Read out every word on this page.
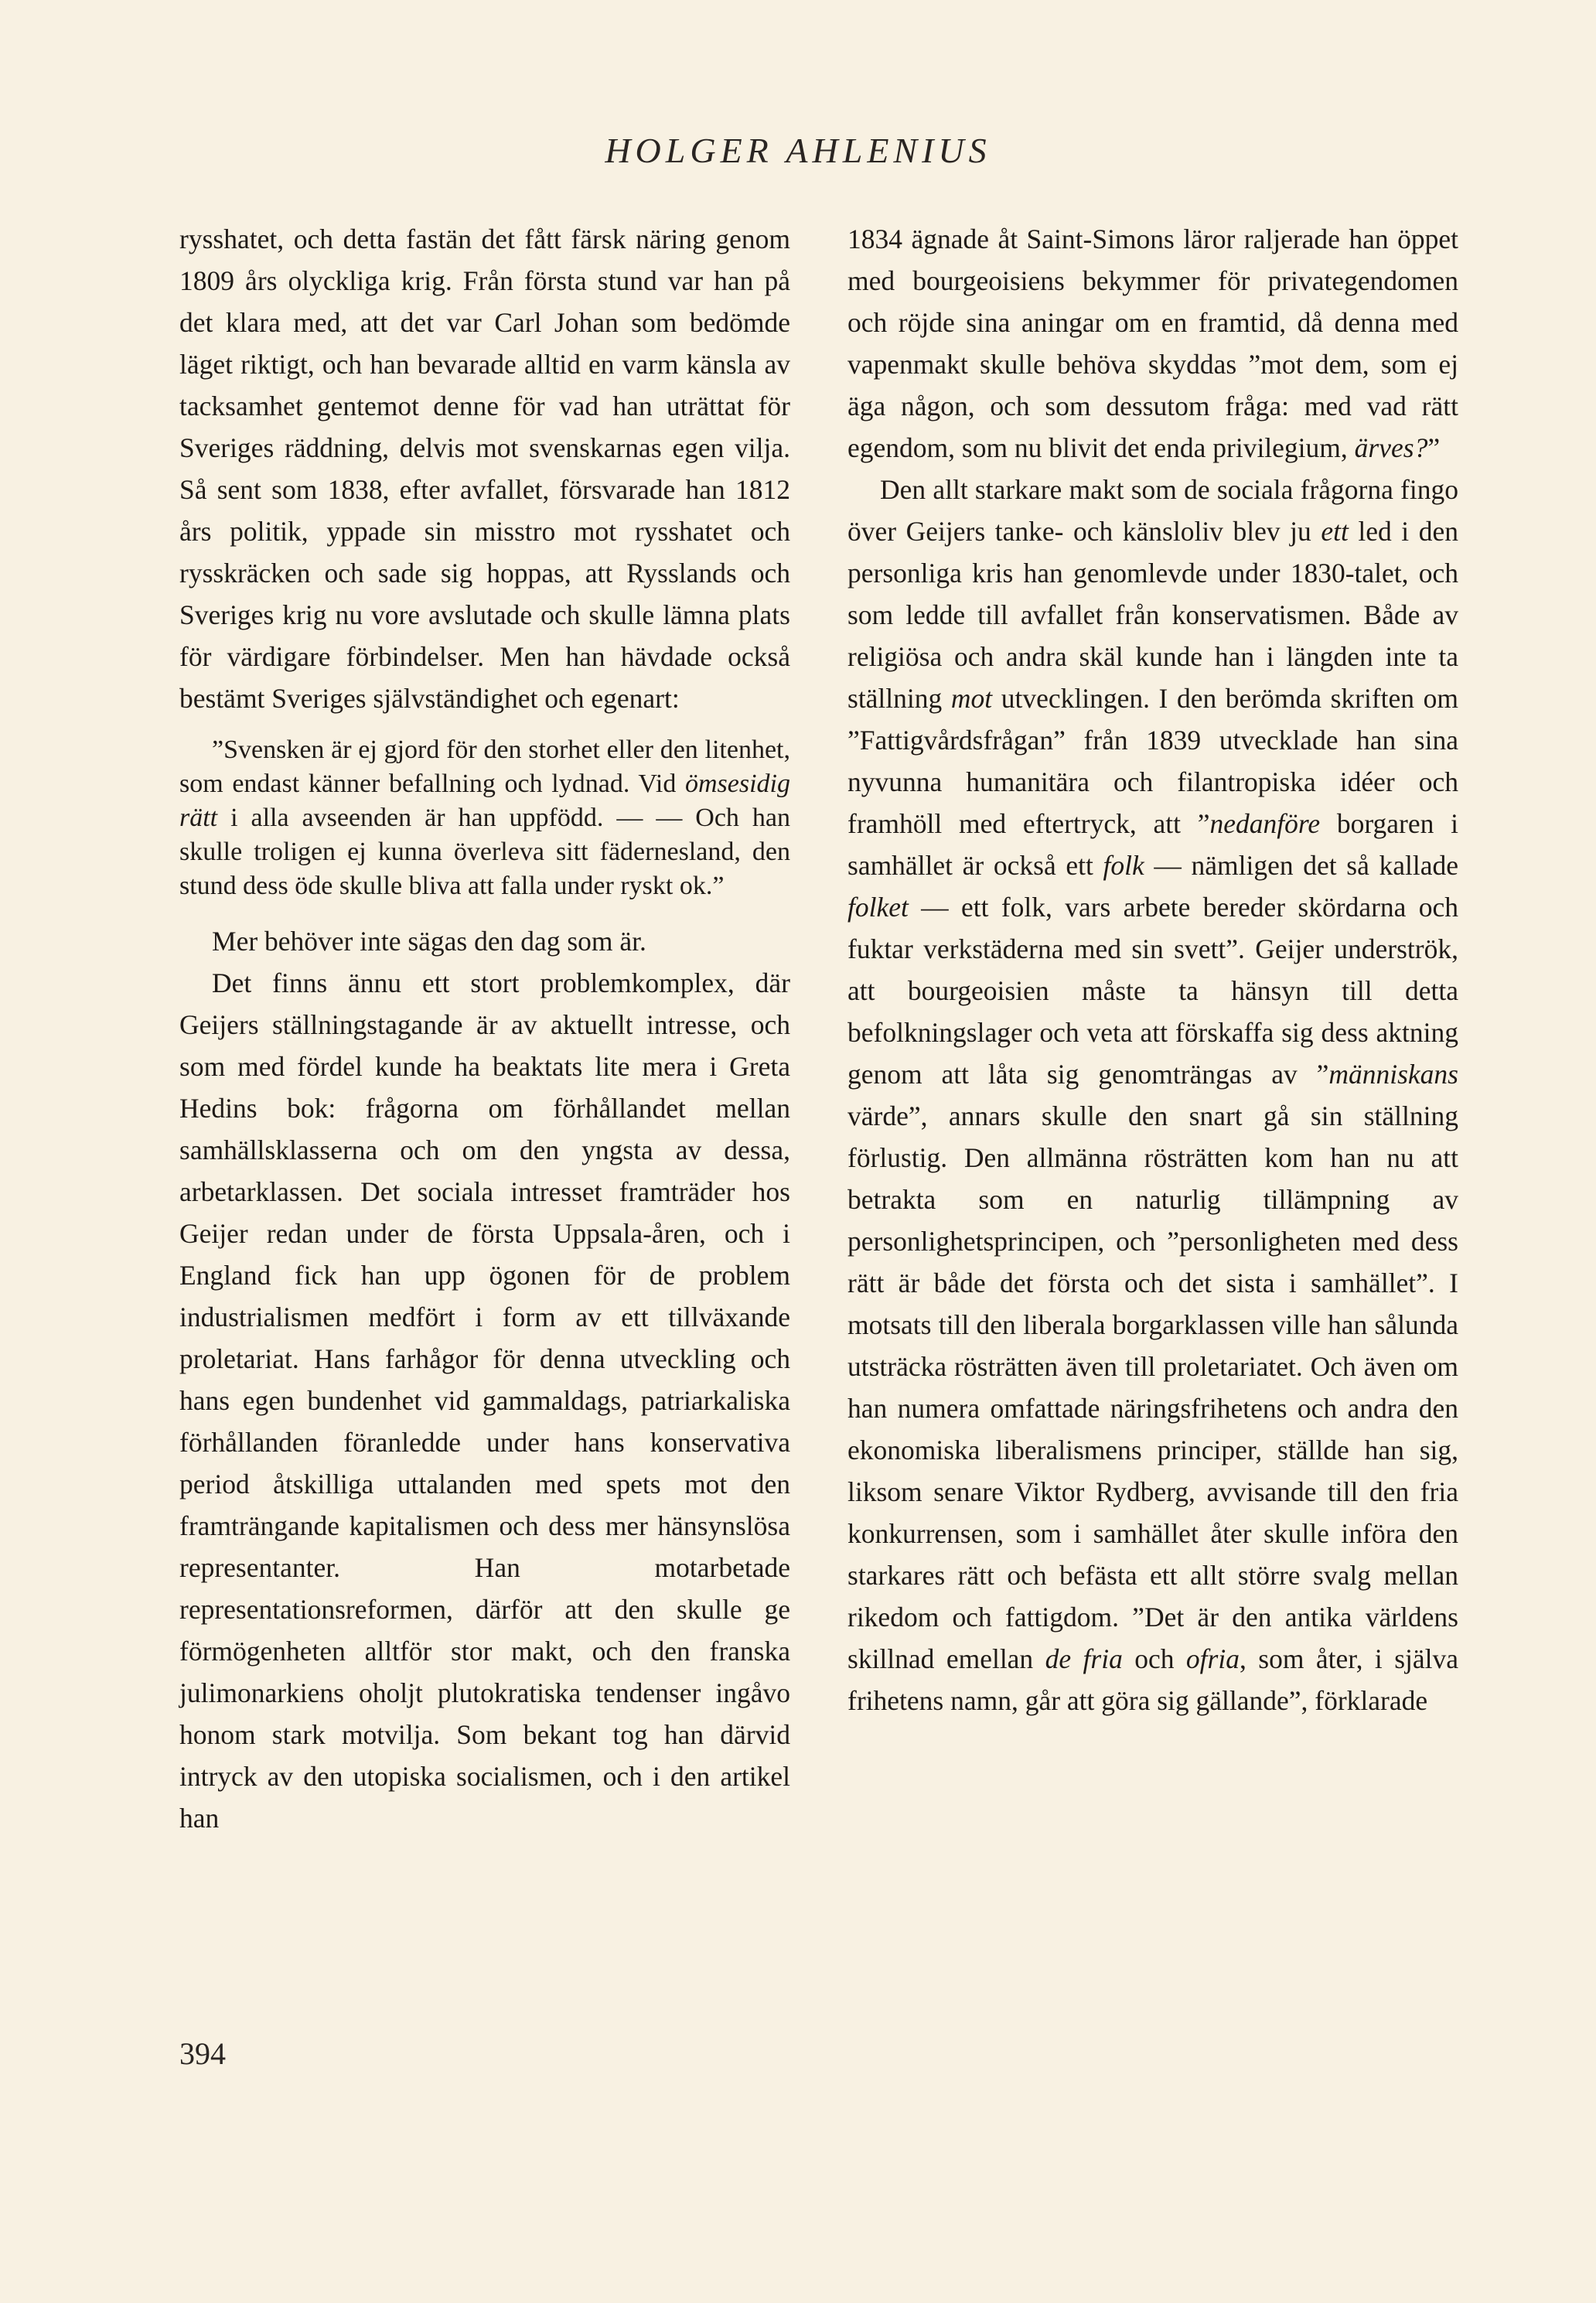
HOLGER AHLENIUS

rysshatet, och detta fastän det fått färsk näring genom 1809 års olyckliga krig. Från första stund var han på det klara med, att det var Carl Johan som bedömde läget riktigt, och han bevarade alltid en varm känsla av tacksamhet gentemot denne för vad han uträttat för Sveriges räddning, delvis mot svenskarnas egen vilja. Så sent som 1838, efter avfallet, försvarade han 1812 års politik, yppade sin misstro mot rysshatet och rysskräcken och sade sig hoppas, att Rysslands och Sveriges krig nu vore avslutade och skulle lämna plats för värdigare förbindelser. Men han hävdade också bestämt Sveriges självständighet och egenart:

”Svensken är ej gjord för den storhet eller den litenhet, som endast känner befallning och lydnad. Vid ömsesidig rätt i alla avseenden är han uppfödd. — — Och han skulle troligen ej kunna överleva sitt fädernesland, den stund dess öde skulle bliva att falla under ryskt ok.”

Mer behöver inte sägas den dag som är.

Det finns ännu ett stort problemkomplex, där Geijers ställningstagande är av aktuellt intresse, och som med fördel kunde ha beaktats lite mera i Greta Hedins bok: frågorna om förhållandet mellan samhällsklasserna och om den yngsta av dessa, arbetarklassen. Det sociala intresset framträder hos Geijer redan under de första Uppsala-åren, och i England fick han upp ögonen för de problem industrialismen medfört i form av ett tillväxande proletariat. Hans farhågor för denna utveckling och hans egen bundenhet vid gammaldags, patriarkaliska förhållanden föranledde under hans konservativa period åtskilliga uttalanden med spets mot den framträngande kapitalismen och dess mer hänsynslösa representanter. Han motarbetade representationsreformen, därför att den skulle ge förmögenheten alltför stor makt, och den franska julimonarkiens oholjt plutokratiska tendenser ingåvo honom stark motvilja. Som bekant tog han därvid intryck av den utopiska socialismen, och i den artikel han

1834 ägnade åt Saint-Simons läror raljerade han öppet med bourgeoisiens bekymmer för privategendomen och röjde sina aningar om en framtid, då denna med vapenmakt skulle behöva skyddas ”mot dem, som ej äga någon, och som dessutom fråga: med vad rätt egendom, som nu blivit det enda privilegium, ärves?”

Den allt starkare makt som de sociala frågorna fingo över Geijers tanke- och känsloliv blev ju ett led i den personliga kris han genomlevde under 1830-talet, och som ledde till avfallet från konservatismen. Både av religiösa och andra skäl kunde han i längden inte ta ställning mot utvecklingen. I den berömda skriften om ”Fattigvårdsfrågan” från 1839 utvecklade han sina nyvunna humanitära och filantropiska idéer och framhöll med eftertryck, att ”nedanföre borgaren i samhället är också ett folk — nämligen det så kallade folket — ett folk, vars arbete bereder skördarna och fuktar verkstäderna med sin svett”. Geijer underströk, att bourgeoisien måste ta hänsyn till detta befolkningslager och veta att förskaffa sig dess aktning genom att låta sig genomträngas av ”människans värde”, annars skulle den snart gå sin ställning förlustig. Den allmänna rösträtten kom han nu att betrakta som en naturlig tillämpning av personlighetsprincipen, och ”personligheten med dess rätt är både det första och det sista i samhället”. I motsats till den liberala borgarklassen ville han sålunda utsträcka rösträtten även till proletariatet. Och även om han numera omfattade näringsfrihetens och andra den ekonomiska liberalismens principer, ställde han sig, liksom senare Viktor Rydberg, avvisande till den fria konkurrensen, som i samhället åter skulle införa den starkares rätt och befästa ett allt större svalg mellan rikedom och fattigdom. ”Det är den antika världens skillnad emellan de fria och ofria, som åter, i själva frihetens namn, går att göra sig gällande”, förklarade

394
